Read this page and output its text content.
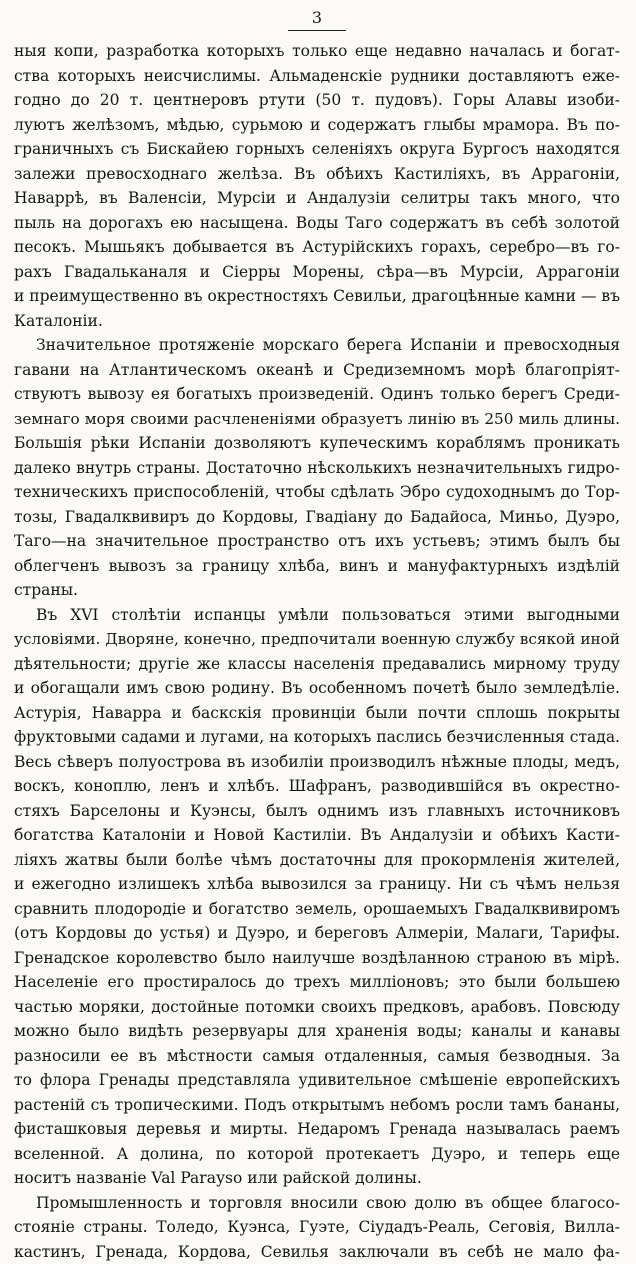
3
ныя копи, разработка которыхъ только еще недавно началась и богат-
ства которыхъ неисчислимы. Альмаденскіе рудники доставляютъ еже-
годно до 20 т. центнеровъ ртути (50 т. пудовъ). Горы Алавы изоби-
луютъ желѣзомъ, мѣдью, сурьмою и содержатъ глыбы мрамора. Въ по-
граничныхъ съ Бискайею горныхъ селеніяхъ округа Бургосъ находятся
залежи превосходнаго желѣза. Въ обѣихъ Кастиліяхъ, въ Аррагоніи,
Наваррѣ, въ Валенсіи, Мурсіи и Андалузіи селитры такъ много, что
пыль на дорогахъ ею насыщена. Воды Таго содержатъ въ себѣ золотой
песокъ. Мышьякъ добывается въ Астурійскихъ горахъ, серебро—въ го-
рахъ Гвадальканаля и Сіерры Морены, сѣра—въ Мурсіи, Аррагоніи
и преимущественно въ окрестностяхъ Севильи, драгоцѣнные камни — въ
Каталоніи.
Значительное протяженіе морскаго берега Испаніи и превосходныя
гавани на Атлантическомъ океанѣ и Средиземномъ морѣ благопріят-
ствуютъ вывозу ея богатыхъ произведеній. Одинъ только берегъ Среди-
земнаго моря своими расчлененіями образуетъ линію въ 250 миль длины.
Большія рѣки Испаніи дозволяютъ купеческимъ кораблямъ проникать
далеко внутрь страны. Достаточно нѣсколькихъ незначительныхъ гидро-
техническихъ приспособленій, чтобы сдѣлать Эбро судоходнымъ до Тор-
тозы, Гвадалквивиръ до Кордовы, Гвадіану до Бадайоса, Миньо, Дуэро,
Таго—на значительное пространство отъ ихъ устьевъ; этимъ былъ бы
облегченъ вывозъ за границу хлѣба, винъ и мануфактурныхъ издѣлій
страны.
Въ XVI столѣтіи испанцы умѣли пользоваться этими выгодными
условіями. Дворяне, конечно, предпочитали военную службу всякой иной
дѣятельности; другіе же классы населенія предавались мирному труду
и обогащали имъ свою родину. Въ особенномъ почетѣ было земледѣліе.
Астурія, Наварра и баскскія провинціи были почти сплошь покрыты
фруктовыми садами и лугами, на которыхъ паслись безчисленныя стада.
Весь сѣверъ полуострова въ изобиліи производилъ нѣжные плоды, медъ,
воскъ, коноплю, ленъ и хлѣбъ. Шафранъ, разводившійся въ окрестно-
стяхъ Барселоны и Куэнсы, былъ однимъ изъ главныхъ источниковъ
богатства Каталоніи и Новой Кастиліи. Въ Андалузіи и обѣихъ Касти-
ліяхъ жатвы были болѣе чѣмъ достаточны для прокормленія жителей,
и ежегодно излишекъ хлѣба вывозился за границу. Ни съ чѣмъ нельзя
сравнить плодородіе и богатство земель, орошаемыхъ Гвадалквивиромъ
(отъ Кордовы до устья) и Дуэро, и береговъ Алмеріи, Малаги, Тарифы.
Гренадское королевство было наилучше воздѣланною страною въ мірѣ.
Населеніе его простиралось до трехъ милліоновъ; это были большею
частью моряки, достойные потомки своихъ предковъ, арабовъ. Повсюду
можно было видѣть резервуары для храненія воды; каналы и канавы
разносили ее въ мѣстности самыя отдаленныя, самыя безводныя. За
то флора Гренады представляла удивительное смѣшеніе европейскихъ
растеній съ тропическими. Подъ открытымъ небомъ росли тамъ бананы,
фисташковыя деревья и мирты. Недаромъ Гренада называлась раемъ
вселенной. А долина, по которой протекаетъ Дуэро, и теперь еще
носитъ названіе Val Paraуso или райской долины.
Промышленность и торговля вносили свою долю въ общее благосо-
стояніе страны. Толедо, Куэнса, Гуэте, Сіудадъ-Реаль, Сеговія, Вилла-
кастинъ, Гренада, Кордова, Севилья заключали въ себѣ не мало фа-
